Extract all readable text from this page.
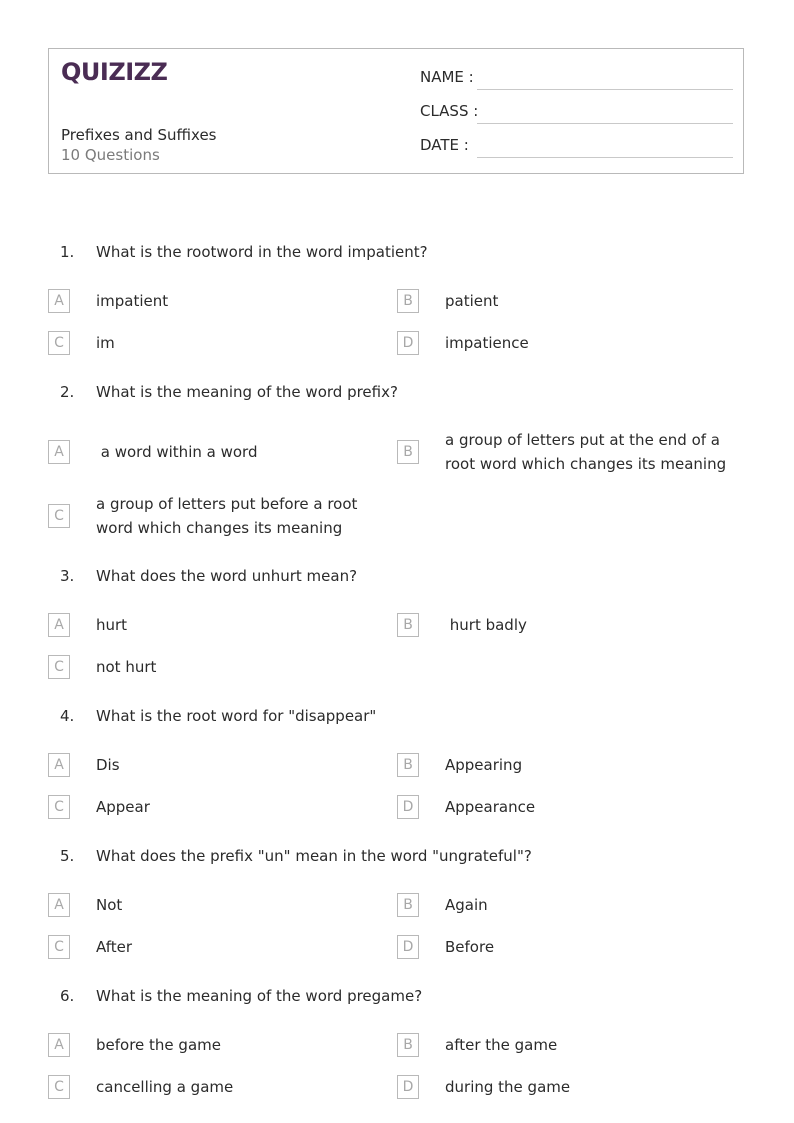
QUIZIZZ
Prefixes and Suffixes
10 Questions
NAME :
CLASS :
DATE :
1. What is the rootword in the word impatient?
A	impatient	B	patient
C	im	D	impatience
2. What is the meaning of the word prefix?
A	a word within a word	B
a group of letters put at the end of a root word which changes its meaning
C
a group of letters put before a root word which changes its meaning
3. What does the word unhurt mean?
A	hurt	B	hurt badly
C	not hurt
4. What is the root word for "disappear"
A	Dis	B	Appearing
C	Appear	D	Appearance
5. What does the prefix "un" mean in the word "ungrateful"?
A	Not	B	Again
C	After	D	Before
6. What is the meaning of the word pregame?
A	before the game	B	after the game
C	cancelling a game	D	during the game
